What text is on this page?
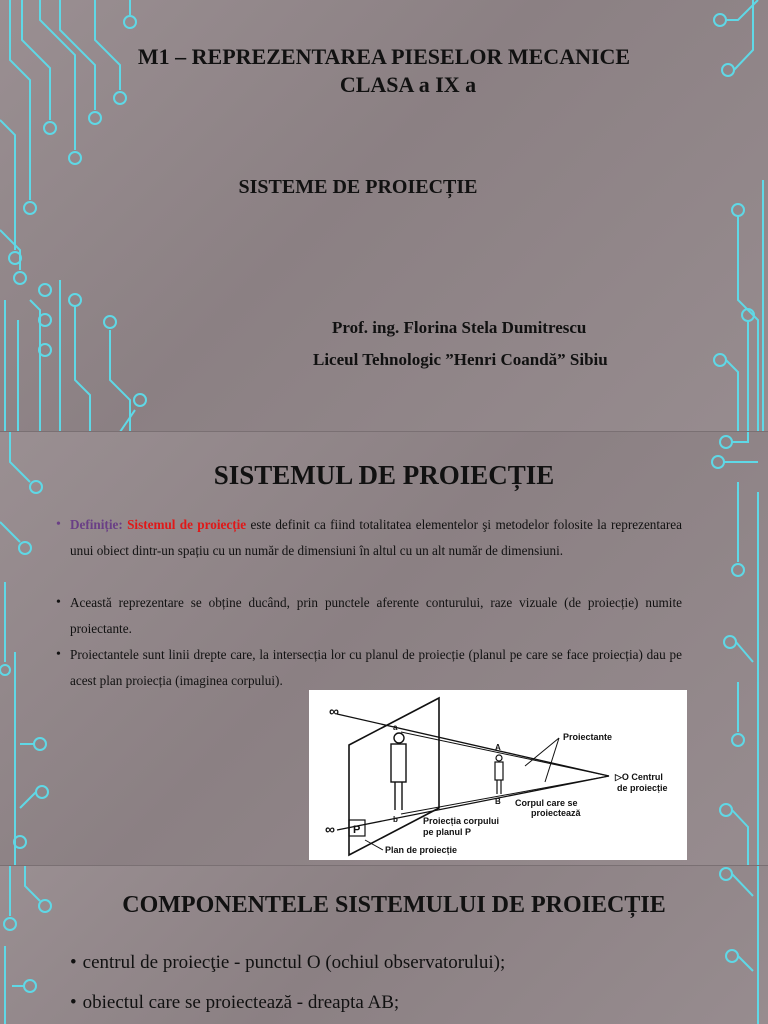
M1 – REPREZENTAREA PIESELOR MECANICE
CLASA a IX a
SISTEME DE PROIECȚIE
Prof. ing. Florina Stela Dumitrescu
Liceul Tehnologic ”Henri Coandă” Sibiu
SISTEMUL DE PROIECȚIE
• Definiție: Sistemul de proiecție este definit ca fiind totalitatea elementelor şi metodelor folosite la reprezentarea unui obiect dintr-un spațiu cu un număr de dimensiuni în altul cu un alt număr de dimensiuni.
• Această reprezentare se obține ducând, prin punctele aferente conturului, raze vizuale (de proiecție) numite proiectante.
• Proiectantele sunt linii drepte care, la intersecția lor cu planul de proiecție (planul pe care se face proiecția) dau pe acest plan proiecția (imaginea corpului).
∞
∞
a
b
A
B
Proiectante
▷O Centrul
de proiecție
Corpul care se
proiectează
Proiecția corpului
pe planul P
P
Plan de proiecție
COMPONENTELE SISTEMULUI DE PROIECȚIE
• centrul de proiecţie - punctul O (ochiul observatorului);
• obiectul care se proiectează - dreapta AB;
